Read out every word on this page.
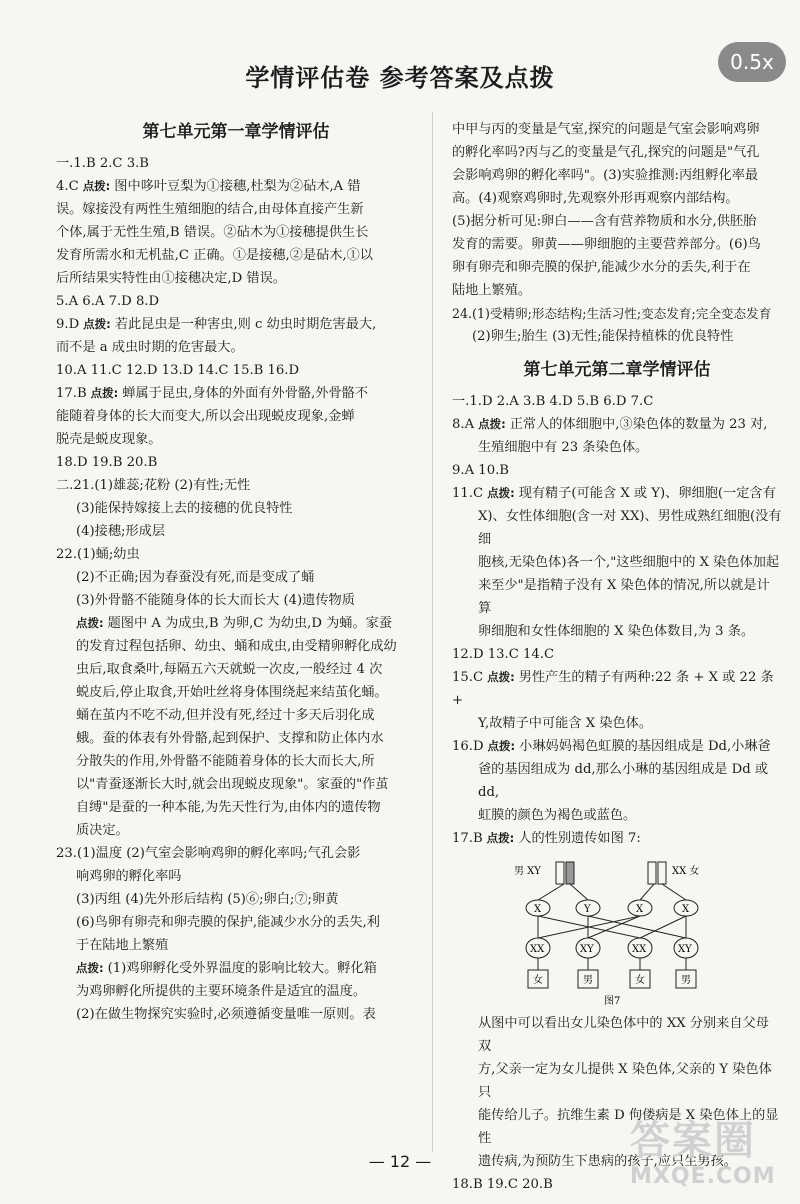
学情评估卷 参考答案及点拨
0.5x
第七单元第一章学情评估
一.1.B 2.C 3.B
4.C 点拨: 图中哆叶豆梨为①接穗,杜梨为②砧木,A 错
误。嫁接没有两性生殖细胞的结合,由母体直接产生新
个体,属于无性生殖,B 错误。②砧木为①接穗提供生长
发育所需水和无机盐,C 正确。①是接穗,②是砧木,①以
后所结果实特性由①接穗决定,D 错误。
5.A 6.A 7.D 8.D
9.D 点拨: 若此昆虫是一种害虫,则 c 幼虫时期危害最大,
而不是 a 成虫时期的危害最大。
10.A 11.C 12.D 13.D 14.C 15.B 16.D
17.B 点拨: 蝉属于昆虫,身体的外面有外骨骼,外骨骼不
能随着身体的长大而变大,所以会出现蜕皮现象,金蝉
脱壳是蜕皮现象。
18.D 19.B 20.B
二.21.(1)雄蕊;花粉 (2)有性;无性
(3)能保持嫁接上去的接穗的优良特性
(4)接穗;形成层
22.(1)蛹;幼虫
(2)不正确;因为春蚕没有死,而是变成了蛹
(3)外骨骼不能随身体的长大而长大 (4)遗传物质
点拨: 题图中 A 为成虫,B 为卵,C 为幼虫,D 为蛹。家蚕
的发育过程包括卵、幼虫、蛹和成虫,由受精卵孵化成幼
虫后,取食桑叶,每隔五六天就蜕一次皮,一般经过 4 次
蜕皮后,停止取食,开始吐丝将身体围绕起来结茧化蛹。
蛹在茧内不吃不动,但并没有死,经过十多天后羽化成
蛾。蚕的体表有外骨骼,起到保护、支撑和防止体内水
分散失的作用,外骨骼不能随着身体的长大而长大,所
以"青蚕逐渐长大时,就会出现蜕皮现象"。家蚕的"作茧
自缚"是蚕的一种本能,为先天性行为,由体内的遗传物
质决定。
23.(1)温度 (2)气室会影响鸡卵的孵化率吗;气孔会影
响鸡卵的孵化率吗
(3)丙组 (4)先外形后结构 (5)⑥;卵白;⑦;卵黄
(6)鸟卵有卵壳和卵壳膜的保护,能减少水分的丢失,利
于在陆地上繁殖
点拨: (1)鸡卵孵化受外界温度的影响比较大。孵化箱
为鸡卵孵化所提供的主要环境条件是适宜的温度。
(2)在做生物探究实验时,必须遵循变量唯一原则。表
中甲与丙的变量是气室,探究的问题是气室会影响鸡卵
的孵化率吗?丙与乙的变量是气孔,探究的问题是"气孔
会影响鸡卵的孵化率吗"。(3)实验推测:丙组孵化率最
高。(4)观察鸡卵时,先观察外形再观察内部结构。
(5)据分析可见:卵白——含有营养物质和水分,供胚胎
发育的需要。卵黄——卵细胞的主要营养部分。(6)鸟
卵有卵壳和卵壳膜的保护,能减少水分的丢失,利于在
陆地上繁殖。
24.(1)受精卵;形态结构;生活习性;变态发育;完全变态发育
(2)卵生;胎生 (3)无性;能保持植株的优良特性
第七单元第二章学情评估
一.1.D 2.A 3.B 4.D 5.B 6.D 7.C
8.A 点拨: 正常人的体细胞中,③染色体的数量为 23 对,
生殖细胞中有 23 条染色体。
9.A 10.B
11.C 点拨: 现有精子(可能含 X 或 Y)、卵细胞(一定含有
X)、女性体细胞(含一对 XX)、男性成熟红细胞(没有细
胞核,无染色体)各一个,"这些细胞中的 X 染色体加起
来至少"是指精子没有 X 染色体的情况,所以就是计算
卵细胞和女性体细胞的 X 染色体数目,为 3 条。
12.D 13.C 14.C
15.C 点拨: 男性产生的精子有两种:22 条 + X 或 22 条 +
Y,故精子中可能含 X 染色体。
16.D 点拨: 小琳妈妈褐色虹膜的基因组成是 Dd,小琳爸
爸的基因组成为 dd,那么小琳的基因组成是 Dd 或 dd,
虹膜的颜色为褐色或蓝色。
17.B 点拨: 人的性别遗传如图 7:
男 XY	XX 女
X	Y	X	X
XX	XY	XX	XY
女	男	女	男
图7
从图中可以看出女儿染色体中的 XX 分别来自父母双
方,父亲一定为女儿提供 X 染色体,父亲的 Y 染色体只
能传给儿子。抗维生素 D 佝偻病是 X 染色体上的显性
遗传病,为预防生下患病的孩子,应只生男孩。
18.B 19.C 20.B
— 12 —	答案圈
MXQE.COM
